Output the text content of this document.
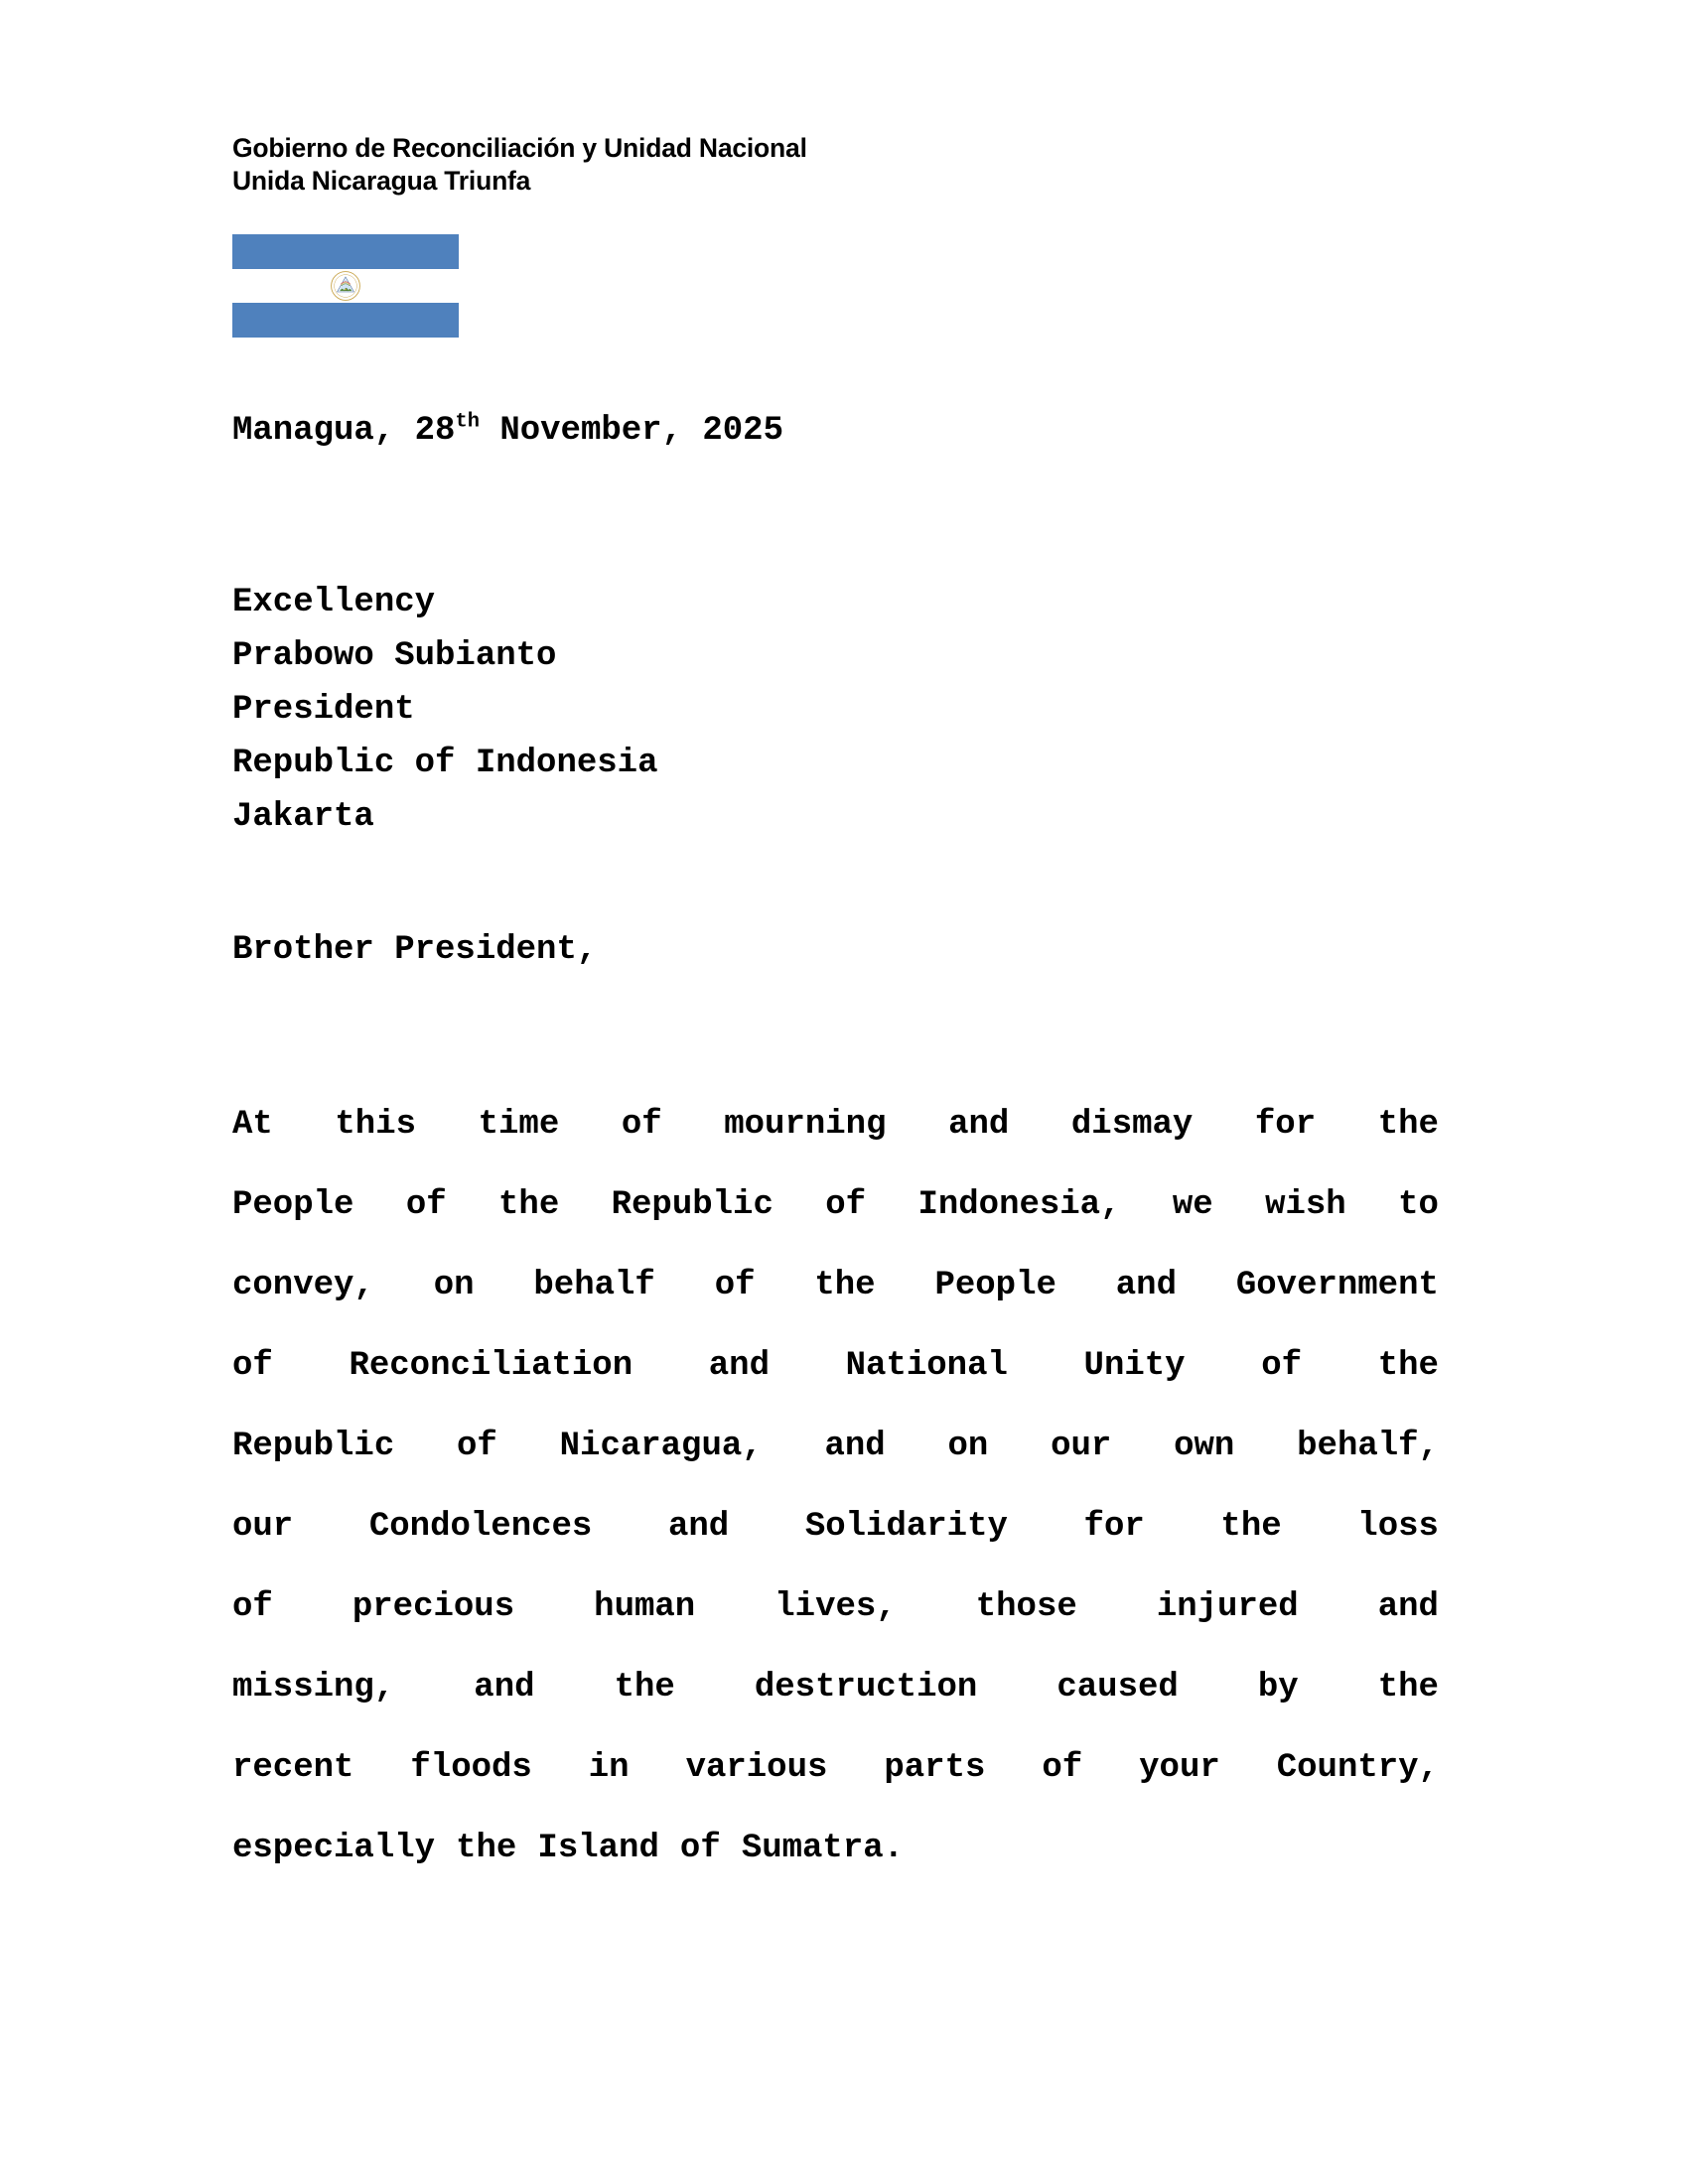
Gobierno de Reconciliación y Unidad Nacional
Unida Nicaragua Triunfa
Managua, 28th November, 2025
Excellency
Prabowo Subianto
President
Republic of Indonesia
Jakarta
Brother President,
At this time of mourning and dismay for the
People of the Republic of Indonesia, we wish to
convey, on behalf of the People and Government
of Reconciliation and National Unity of the
Republic of Nicaragua, and on our own behalf,
our Condolences and Solidarity for the loss
of precious human lives, those injured and
missing, and the destruction caused by the
recent floods in various parts of your Country,
especially the Island of Sumatra.
